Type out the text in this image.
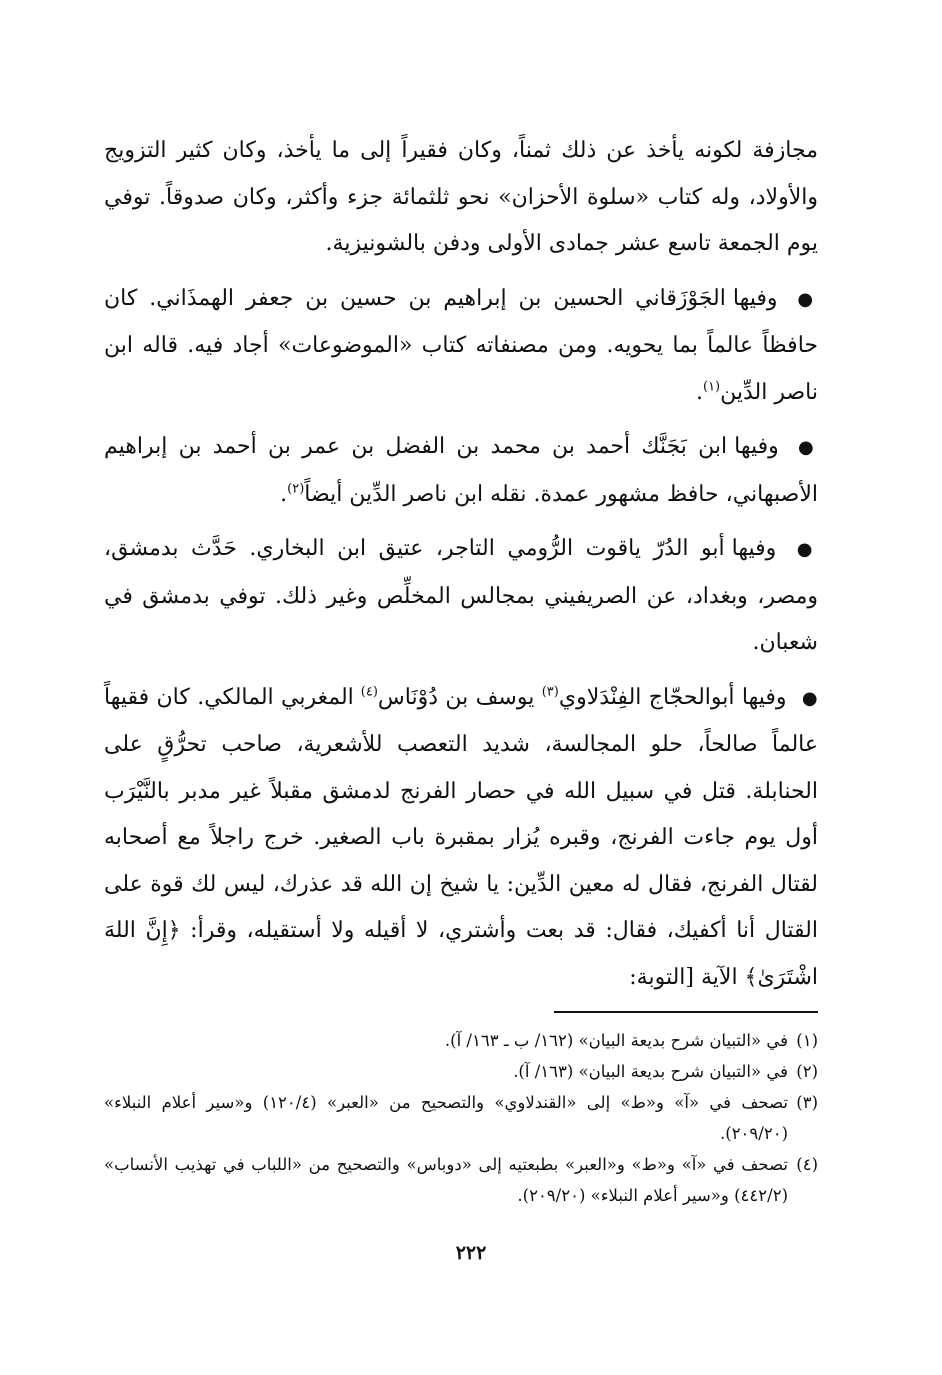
مجازفة لكونه يأخذ عن ذلك ثمناً، وكان فقيراً إلى ما يأخذ، وكان كثير التزويج والأولاد، وله كتاب «سلوة الأحزان» نحو ثلثمائة جزء وأكثر، وكان صدوقاً. توفي يوم الجمعة تاسع عشر جمادى الأولى ودفن بالشونيزية.

● وفيها الجَوْزَقاني الحسين بن إبراهيم بن حسين بن جعفر الهمذَاني. كان حافظاً عالماً بما يحويه. ومن مصنفاته كتاب «الموضوعات» أجاد فيه. قاله ابن ناصر الدِّين$^{(١)}$.

● وفيها ابن بَجَنَّك أحمد بن محمد بن الفضل بن عمر بن أحمد بن إبراهيم الأصبهاني، حافظ مشهور عمدة. نقله ابن ناصر الدِّين أيضاً$^{(٢)}$.

● وفيها أبو الدُرّ ياقوت الرُّومي التاجر، عتيق ابن البخاري. حَدَّث بدمشق، ومصر، وبغداد، عن الصريفيني بمجالس المخلِّص وغير ذلك. توفي بدمشق في شعبان.

● وفيها أبوالحجّاج الفِنْدَلاوي$^{(٣)}$ يوسف بن دُوْنَاس$^{(٤)}$ المغربي المالكي. كان فقيهاً عالماً صالحاً، حلو المجالسة، شديد التعصب للأشعرية، صاحب تحرُّقٍ على الحنابلة. قتل في سبيل الله في حصار الفرنج لدمشق مقبلاً غير مدبر بالنَّيْرَب أول يوم جاءت الفرنج، وقبره يُزار بمقبرة باب الصغير. خرج راجلاً مع أصحابه لقتال الفرنج، فقال له معين الدِّين: يا شيخ إن الله قد عذرك، ليس لك قوة على القتال أنا أكفيك، فقال: قد بعت وأشتري، لا أقيله ولا أستقيله، وقرأ: ﴿إِنَّ اللهَ اشْتَرَىٰ﴾ الآية [التوبة:

(١)
في «التبيان شرح بديعة البيان» (١٦٢/ ب ـ ١٦٣/ آ).

(٢)
في «التبيان شرح بديعة البيان» (١٦٣/ آ).

(٣)
تصحف في «آ» و«ط» إلى «القندلاوي» والتصحيح من «العبر» (١٢٠/٤) و«سير أعلام النبلاء» (٢٠٩/٢٠).

(٤)
تصحف في «آ» و«ط» و«العبر» بطبعتيه إلى «دوباس» والتصحيح من «اللباب في تهذيب الأنساب» (٤٤٢/٢) و«سير أعلام النبلاء» (٢٠٩/٢٠).

٢٢٢
